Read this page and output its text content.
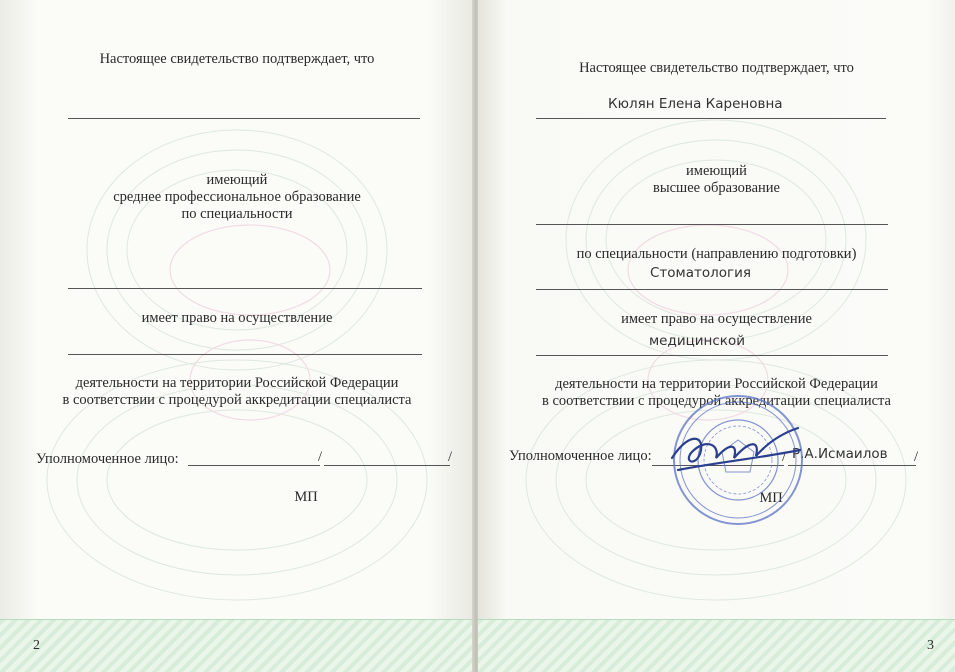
Настоящее свидетельство подтверждает, что
имеющий
среднее профессиональное образование
по специальности
имеет право на осуществление
деятельности на территории Российской Федерации
в соответствии с процедурой аккредитации специалиста
Уполномоченное лицо:	/	/
МП
2
Настоящее свидетельство подтверждает, что
Кюлян Елена Кареновна
имеющий
высшее образование
по специальности (направлению подготовки)
Стоматология
имеет право на осуществление
медицинской
деятельности на территории Российской Федерации
в соответствии с процедурой аккредитации специалиста
Уполномоченное лицо:	/	/
Р.А.Исмаилов
МП
3
